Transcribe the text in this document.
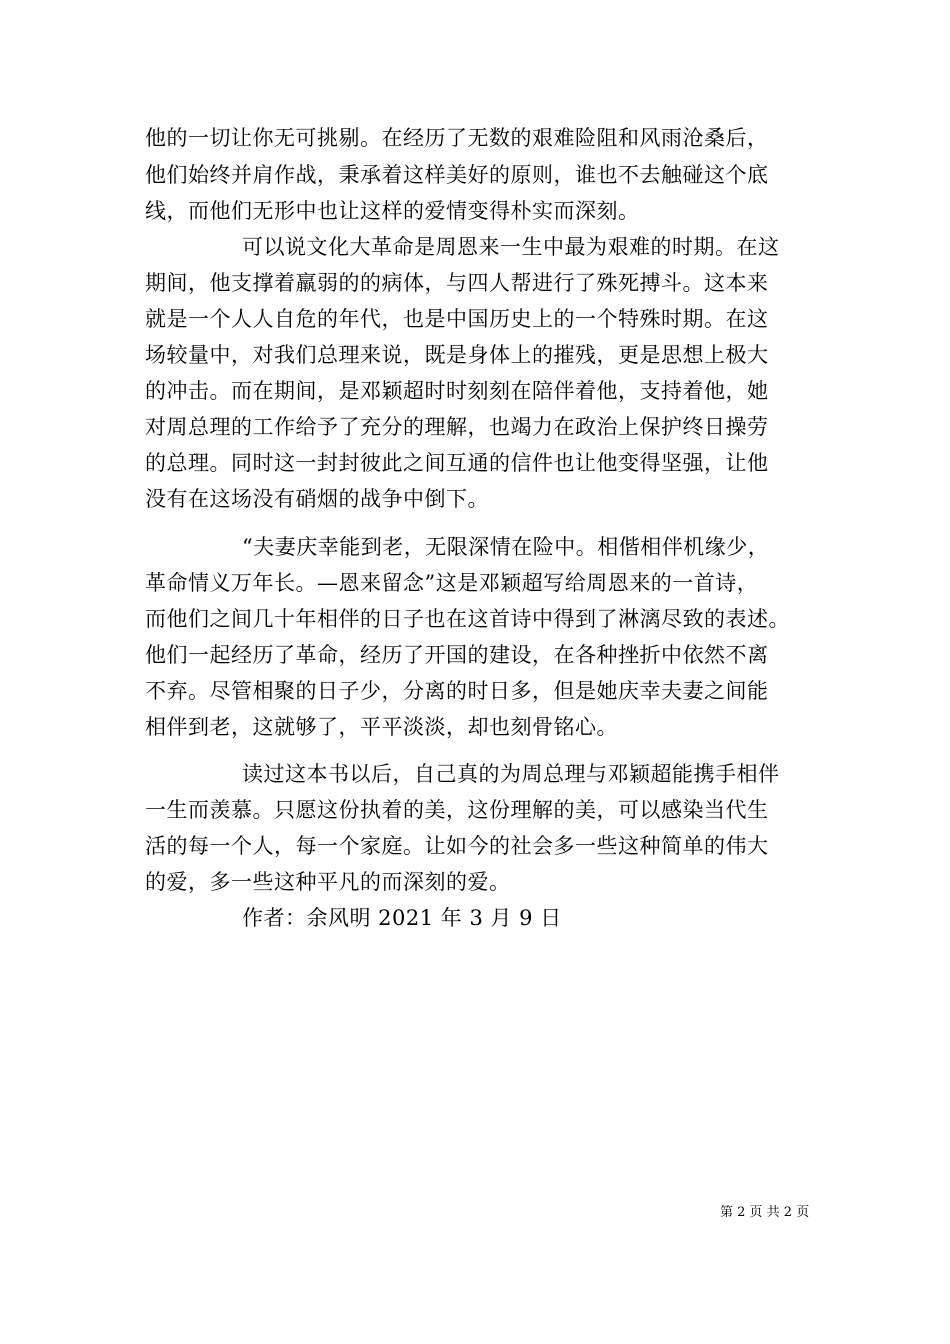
他的一切让你无可挑剔。在经历了无数的艰难险阻和风雨沧桑后，
他们始终并肩作战，秉承着这样美好的原则，谁也不去触碰这个底
线，而他们无形中也让这样的爱情变得朴实而深刻。
可以说文化大革命是周恩来一生中最为艰难的时期。在这
期间，他支撑着羸弱的的病体，与四人帮进行了殊死搏斗。这本来
就是一个人人自危的年代，也是中国历史上的一个特殊时期。在这
场较量中，对我们总理来说，既是身体上的摧残，更是思想上极大
的冲击。而在期间，是邓颖超时时刻刻在陪伴着他，支持着他，她
对周总理的工作给予了充分的理解，也竭力在政治上保护终日操劳
的总理。同时这一封封彼此之间互通的信件也让他变得坚强，让他
没有在这场没有硝烟的战争中倒下。
“夫妻庆幸能到老，无限深情在险中。相偕相伴机缘少，
革命情义万年长。—恩来留念”这是邓颖超写给周恩来的一首诗，
而他们之间几十年相伴的日子也在这首诗中得到了淋漓尽致的表述。
他们一起经历了革命，经历了开国的建设，在各种挫折中依然不离
不弃。尽管相聚的日子少，分离的时日多，但是她庆幸夫妻之间能
相伴到老，这就够了，平平淡淡，却也刻骨铭心。
读过这本书以后，自己真的为周总理与邓颖超能携手相伴
一生而羡慕。只愿这份执着的美，这份理解的美，可以感染当代生
活的每一个人，每一个家庭。让如今的社会多一些这种简单的伟大
的爱，多一些这种平凡的而深刻的爱。
作者：余风明 2021 年 3 月 9 日
第 2 页 共 2 页
